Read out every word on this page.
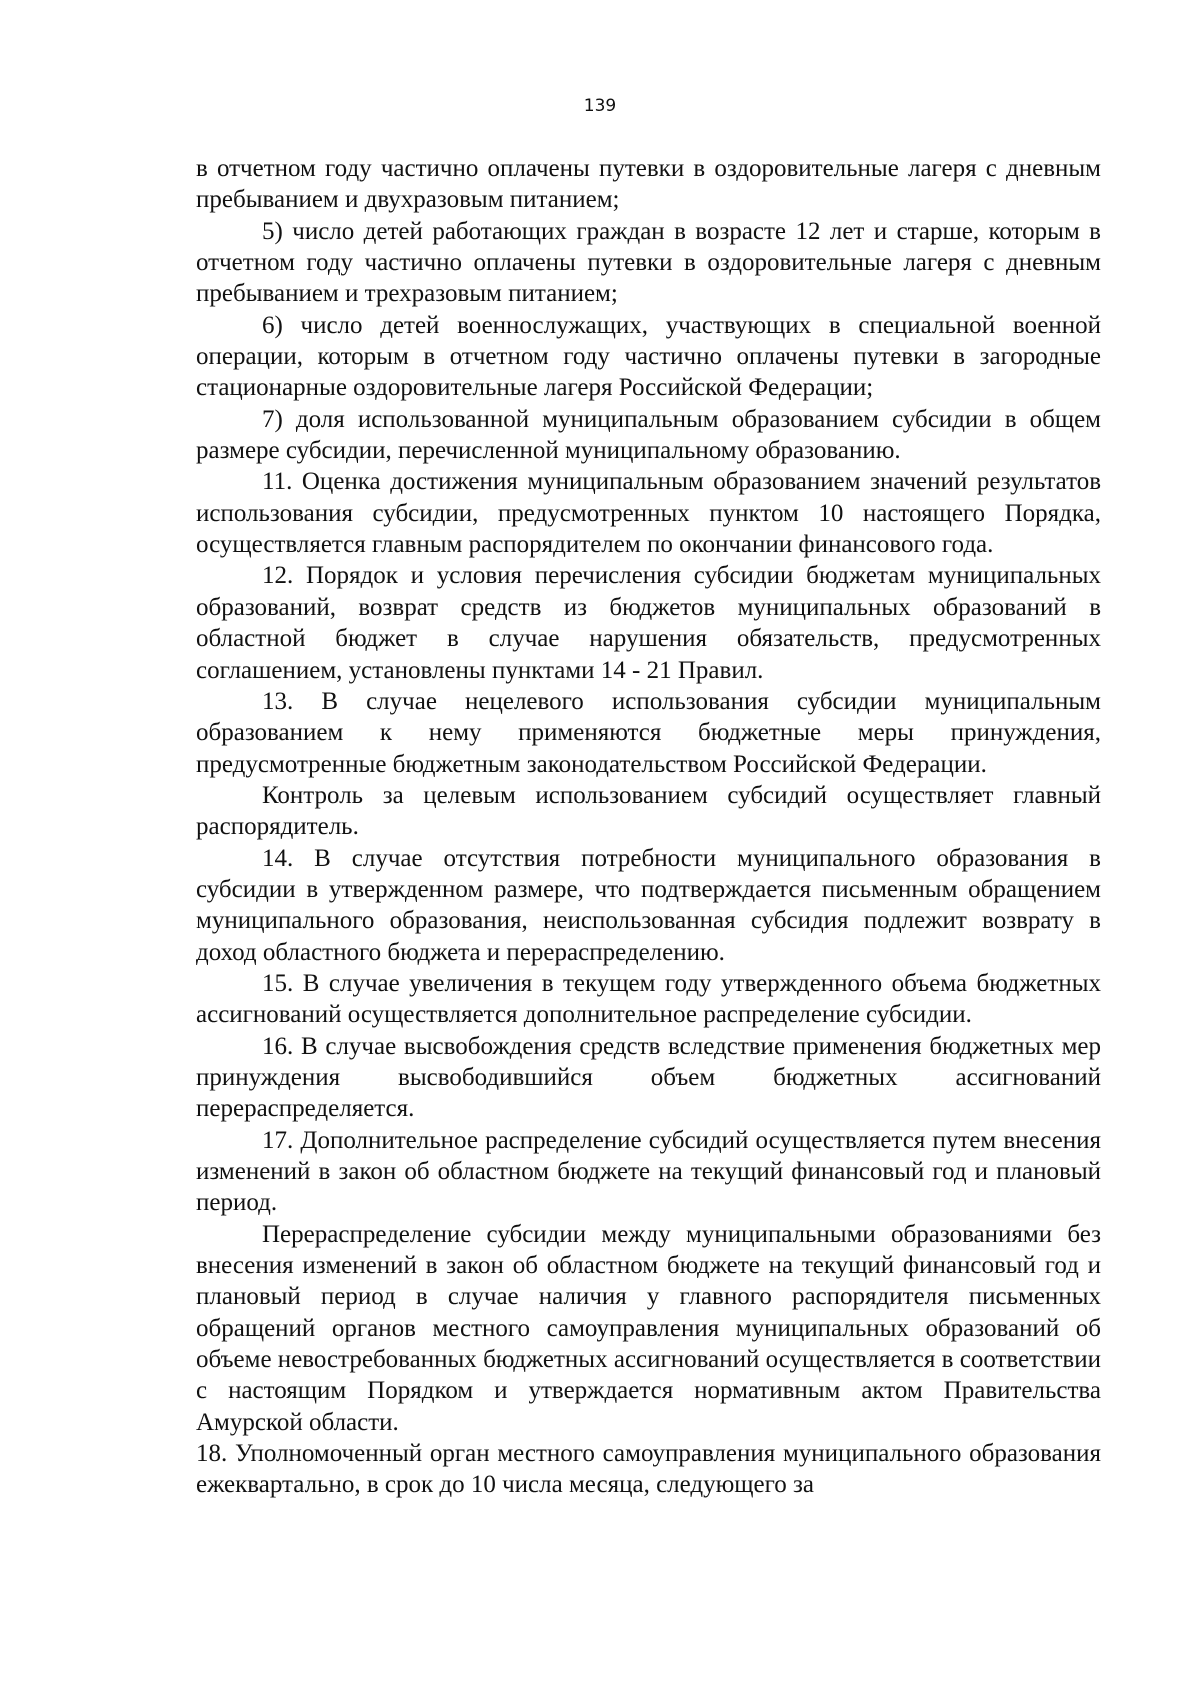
139

в отчетном году частично оплачены путевки в оздоровительные лагеря с дневным пребыванием и двухразовым питанием;

5) число детей работающих граждан в возрасте 12 лет и старше, которым в отчетном году частично оплачены путевки в оздоровительные лагеря с дневным пребыванием и трехразовым питанием;

6) число детей военнослужащих, участвующих в специальной военной операции, которым в отчетном году частично оплачены путевки в загородные стационарные оздоровительные лагеря Российской Федерации;

7) доля использованной муниципальным образованием субсидии в общем размере субсидии, перечисленной муниципальному образованию.

11. Оценка достижения муниципальным образованием значений результатов использования субсидии, предусмотренных пунктом 10 настоящего Порядка, осуществляется главным распорядителем по окончании финансового года.

12. Порядок и условия перечисления субсидии бюджетам муниципальных образований, возврат средств из бюджетов муниципальных образований в областной бюджет в случае нарушения обязательств, предусмотренных соглашением, установлены пунктами 14 - 21 Правил.

13. В случае нецелевого использования субсидии муниципальным образованием к нему применяются бюджетные меры принуждения, предусмотренные бюджетным законодательством Российской Федерации.

Контроль за целевым использованием субсидий осуществляет главный распорядитель.

14. В случае отсутствия потребности муниципального образования в субсидии в утвержденном размере, что подтверждается письменным обращением муниципального образования, неиспользованная субсидия подлежит возврату в доход областного бюджета и перераспределению.

15. В случае увеличения в текущем году утвержденного объема бюджетных ассигнований осуществляется дополнительное распределение субсидии.

16. В случае высвобождения средств вследствие применения бюджетных мер принуждения высвободившийся объем бюджетных ассигнований перераспределяется.

17. Дополнительное распределение субсидий осуществляется путем внесения изменений в закон об областном бюджете на текущий финансовый год и плановый период.

Перераспределение субсидии между муниципальными образованиями без внесения изменений в закон об областном бюджете на текущий финансовый год и плановый период в случае наличия у главного распорядителя письменных обращений органов местного самоуправления муниципальных образований об объеме невостребованных бюджетных ассигнований осуществляется в соответствии с настоящим Порядком и утверждается нормативным актом Правительства Амурской области.

18. Уполномоченный орган местного самоуправления муниципального образования ежеквартально, в срок до 10 числа месяца, следующего за
